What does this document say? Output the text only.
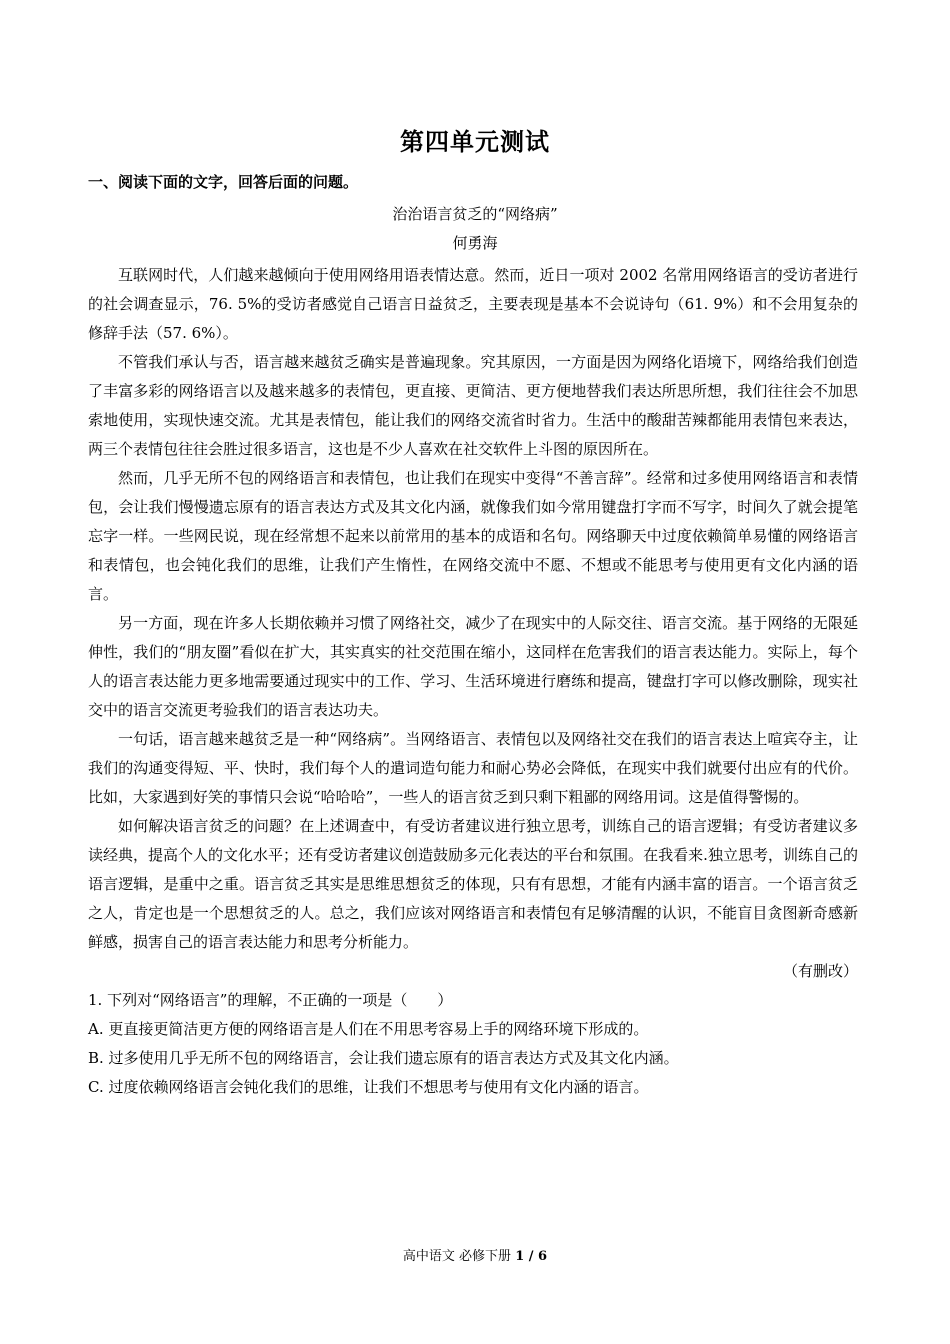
第四单元测试
一、阅读下面的文字，回答后面的问题。
治治语言贫乏的“网络病”
何勇海

互联网时代，人们越来越倾向于使用网络用语表情达意。然而，近日一项对 2002 名常用网络语言的受访者进行的社会调查显示，76. 5%的受访者感觉自己语言日益贫乏，主要表现是基本不会说诗句（61. 9%）和不会用复杂的修辞手法（57. 6%）。

不管我们承认与否，语言越来越贫乏确实是普遍现象。究其原因，一方面是因为网络化语境下，网络给我们创造了丰富多彩的网络语言以及越来越多的表情包，更直接、更简洁、更方便地替我们表达所思所想，我们往往会不加思索地使用，实现快速交流。尤其是表情包，能让我们的网络交流省时省力。生活中的酸甜苦辣都能用表情包来表达，两三个表情包往往会胜过很多语言，这也是不少人喜欢在社交软件上斗图的原因所在。

然而，几乎无所不包的网络语言和表情包，也让我们在现实中变得“不善言辞”。经常和过多使用网络语言和表情包，会让我们慢慢遗忘原有的语言表达方式及其文化内涵，就像我们如今常用键盘打字而不写字，时间久了就会提笔忘字一样。一些网民说，现在经常想不起来以前常用的基本的成语和名句。网络聊天中过度依赖简单易懂的网络语言和表情包，也会钝化我们的思维，让我们产生惰性，在网络交流中不愿、不想或不能思考与使用更有文化内涵的语言。

另一方面，现在许多人长期依赖并习惯了网络社交，减少了在现实中的人际交往、语言交流。基于网络的无限延伸性，我们的“朋友圈”看似在扩大，其实真实的社交范围在缩小，这同样在危害我们的语言表达能力。实际上，每个人的语言表达能力更多地需要通过现实中的工作、学习、生活环境进行磨练和提高，键盘打字可以修改删除，现实社交中的语言交流更考验我们的语言表达功夫。

一句话，语言越来越贫乏是一种“网络病”。当网络语言、表情包以及网络社交在我们的语言表达上喧宾夺主，让我们的沟通变得短、平、快时，我们每个人的遣词造句能力和耐心势必会降低，在现实中我们就要付出应有的代价。比如，大家遇到好笑的事情只会说“哈哈哈”，一些人的语言贫乏到只剩下粗鄙的网络用词。这是值得警惕的。

如何解决语言贫乏的问题？在上述调查中，有受访者建议进行独立思考，训练自己的语言逻辑；有受访者建议多读经典，提高个人的文化水平；还有受访者建议创造鼓励多元化表达的平台和氛围。在我看来.独立思考，训练自己的语言逻辑，是重中之重。语言贫乏其实是思维思想贫乏的体现，只有有思想，才能有内涵丰富的语言。一个语言贫乏之人，肯定也是一个思想贫乏的人。总之，我们应该对网络语言和表情包有足够清醒的认识，不能盲目贪图新奇感新鲜感，损害自己的语言表达能力和思考分析能力。

（有删改）

1. 下列对“网络语言”的理解，不正确的一项是（　　）

A. 更直接更简洁更方便的网络语言是人们在不用思考容易上手的网络环境下形成的。

B. 过多使用几乎无所不包的网络语言，会让我们遗忘原有的语言表达方式及其文化内涵。

C. 过度依赖网络语言会钝化我们的思维，让我们不想思考与使用有文化内涵的语言。

高中语文 必修下册 1 / 6
